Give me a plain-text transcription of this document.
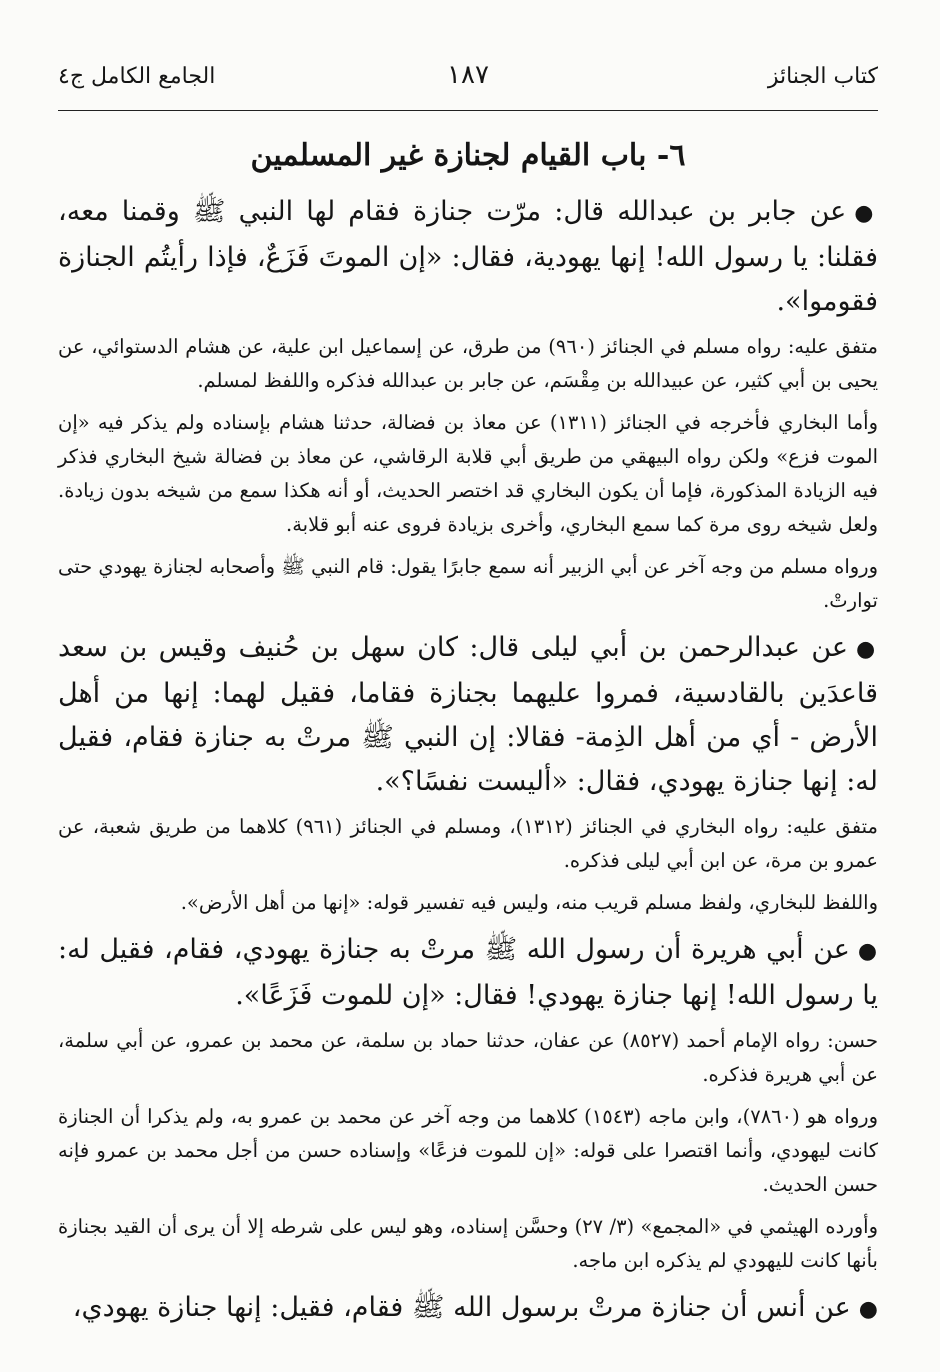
كتاب الجنائز
١٨٧
الجامع الكامل ج٤
٦- باب القيام لجنازة غير المسلمين

●عن جابر بن عبدالله قال: مرّت جنازة فقام لها النبي ﷺ وقمنا معه، فقلنا: يا رسول الله! إنها يهودية، فقال: «إن الموتَ فَزَعٌ، فإذا رأيتُم الجنازة فقوموا».

متفق عليه: رواه مسلم في الجنائز (٩٦٠) من طرق، عن إسماعيل ابن علية، عن هشام الدستوائي، عن يحيى بن أبي كثير، عن عبيدالله بن مِقْسَم، عن جابر بن عبدالله فذكره واللفظ لمسلم.

وأما البخاري فأخرجه في الجنائز (١٣١١) عن معاذ بن فضالة، حدثنا هشام بإسناده ولم يذكر فيه «إن الموت فزع» ولكن رواه البيهقي من طريق أبي قلابة الرقاشي، عن معاذ بن فضالة شيخ البخاري فذكر فيه الزيادة المذكورة، فإما أن يكون البخاري قد اختصر الحديث، أو أنه هكذا سمع من شيخه بدون زيادة. ولعل شيخه روى مرة كما سمع البخاري، وأخرى بزيادة فروى عنه أبو قلابة.

ورواه مسلم من وجه آخر عن أبي الزبير أنه سمع جابرًا يقول: قام النبي ﷺ وأصحابه لجنازة يهودي حتى توارتْ.

●عن عبدالرحمن بن أبي ليلى قال: كان سهل بن حُنيف وقيس بن سعد قاعدَين بالقادسية، فمروا عليهما بجنازة فقاما، فقيل لهما: إنها من أهل الأرض - أي من أهل الذِمة- فقالا: إن النبي ﷺ مرتْ به جنازة فقام، فقيل له: إنها جنازة يهودي، فقال: «أليست نفسًا؟».

متفق عليه: رواه البخاري في الجنائز (١٣١٢)، ومسلم في الجنائز (٩٦١) كلاهما من طريق شعبة، عن عمرو بن مرة، عن ابن أبي ليلى فذكره.

واللفظ للبخاري، ولفظ مسلم قريب منه، وليس فيه تفسير قوله: «إنها من أهل الأرض».

●عن أبي هريرة أن رسول الله ﷺ مرتْ به جنازة يهودي، فقام، فقيل له: يا رسول الله! إنها جنازة يهودي! فقال: «إن للموت فَزَعًا».

حسن: رواه الإمام أحمد (٨٥٢٧) عن عفان، حدثنا حماد بن سلمة، عن محمد بن عمرو، عن أبي سلمة، عن أبي هريرة فذكره.

ورواه هو (٧٨٦٠)، وابن ماجه (١٥٤٣) كلاهما من وجه آخر عن محمد بن عمرو به، ولم يذكرا أن الجنازة كانت ليهودي، وأنما اقتصرا على قوله: «إن للموت فزعًا» وإسناده حسن من أجل محمد بن عمرو فإنه حسن الحديث.

وأورده الهيثمي في «المجمع» (٣/ ٢٧) وحسَّن إسناده، وهو ليس على شرطه إلا أن يرى أن القيد بجنازة بأنها كانت لليهودي لم يذكره ابن ماجه.

●عن أنس أن جنازة مرتْ برسول الله ﷺ فقام، فقيل: إنها جنازة يهودي،
